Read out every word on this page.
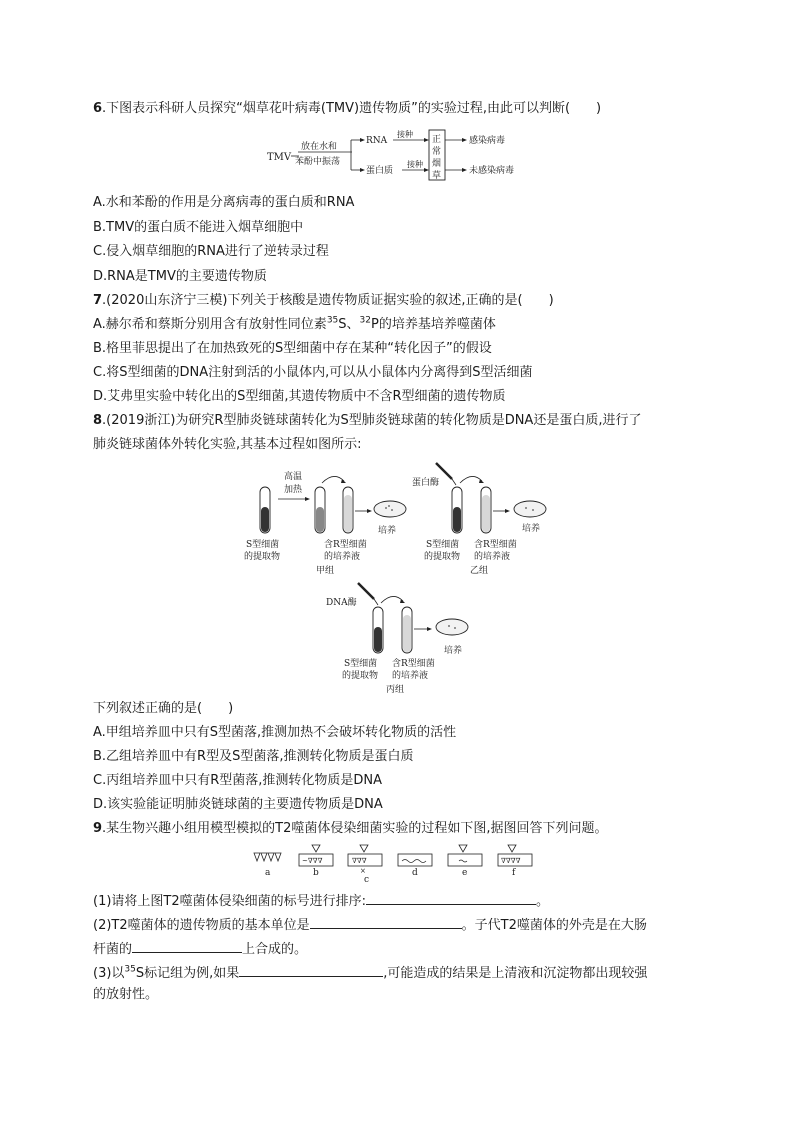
6.下图表示科研人员探究“烟草花叶病毒(TMV)遗传物质”的实验过程,由此可以判断(　　)
TMV
放在水和
苯酚中振荡
RNA
蛋白质
接种
接种
正
常
烟
草
感染病毒
未感染病毒
A.水和苯酚的作用是分离病毒的蛋白质和RNA
B.TMV的蛋白质不能进入烟草细胞中
C.侵入烟草细胞的RNA进行了逆转录过程
D.RNA是TMV的主要遗传物质
7.(2020山东济宁三模)下列关于核酸是遗传物质证据实验的叙述,正确的是(　　)
A.赫尔希和蔡斯分别用含有放射性同位素$^{35}$S、$^{32}$P的培养基培养噬菌体
B.格里菲思提出了在加热致死的S型细菌中存在某种“转化因子”的假设
C.将S型细菌的DNA注射到活的小鼠体内,可以从小鼠体内分离得到S型活细菌
D.艾弗里实验中转化出的S型细菌,其遗传物质中不含R型细菌的遗传物质
8.(2019浙江)为研究R型肺炎链球菌转化为S型肺炎链球菌的转化物质是DNA还是蛋白质,进行了
肺炎链球菌体外转化实验,其基本过程如图所示:
高温
加热
培养
S型细菌
的提取物
含R型细菌
的培养液
甲组
蛋白酶
培养
S型细菌
的提取物
含R型细菌
的培养液
乙组
DNA酶
培养
S型细菌
的提取物
含R型细菌
的培养液
丙组
下列叙述正确的是(　　)
A.甲组培养皿中只有S型菌落,推测加热不会破坏转化物质的活性
B.乙组培养皿中有R型及S型菌落,推测转化物质是蛋白质
C.丙组培养皿中只有R型菌落,推测转化物质是DNA
D.该实验能证明肺炎链球菌的主要遗传物质是DNA
9.某生物兴趣小组用模型模拟的T2噬菌体侵染细菌实验的过程如下图,据图回答下列问题。
a
~∇∇∇
b
∇∇∇
×
c
d	e
∇∇∇∇
f
(1)请将上图T2噬菌体侵染细菌的标号进行排序:	。
(2)T2噬菌体的遗传物质的基本单位是	。子代T2噬菌体的外壳是在大肠
杆菌的	上合成的。
(3)以$^{35}$S标记组为例,如果	,可能造成的结果是上清液和沉淀物都出现较强
的放射性。
